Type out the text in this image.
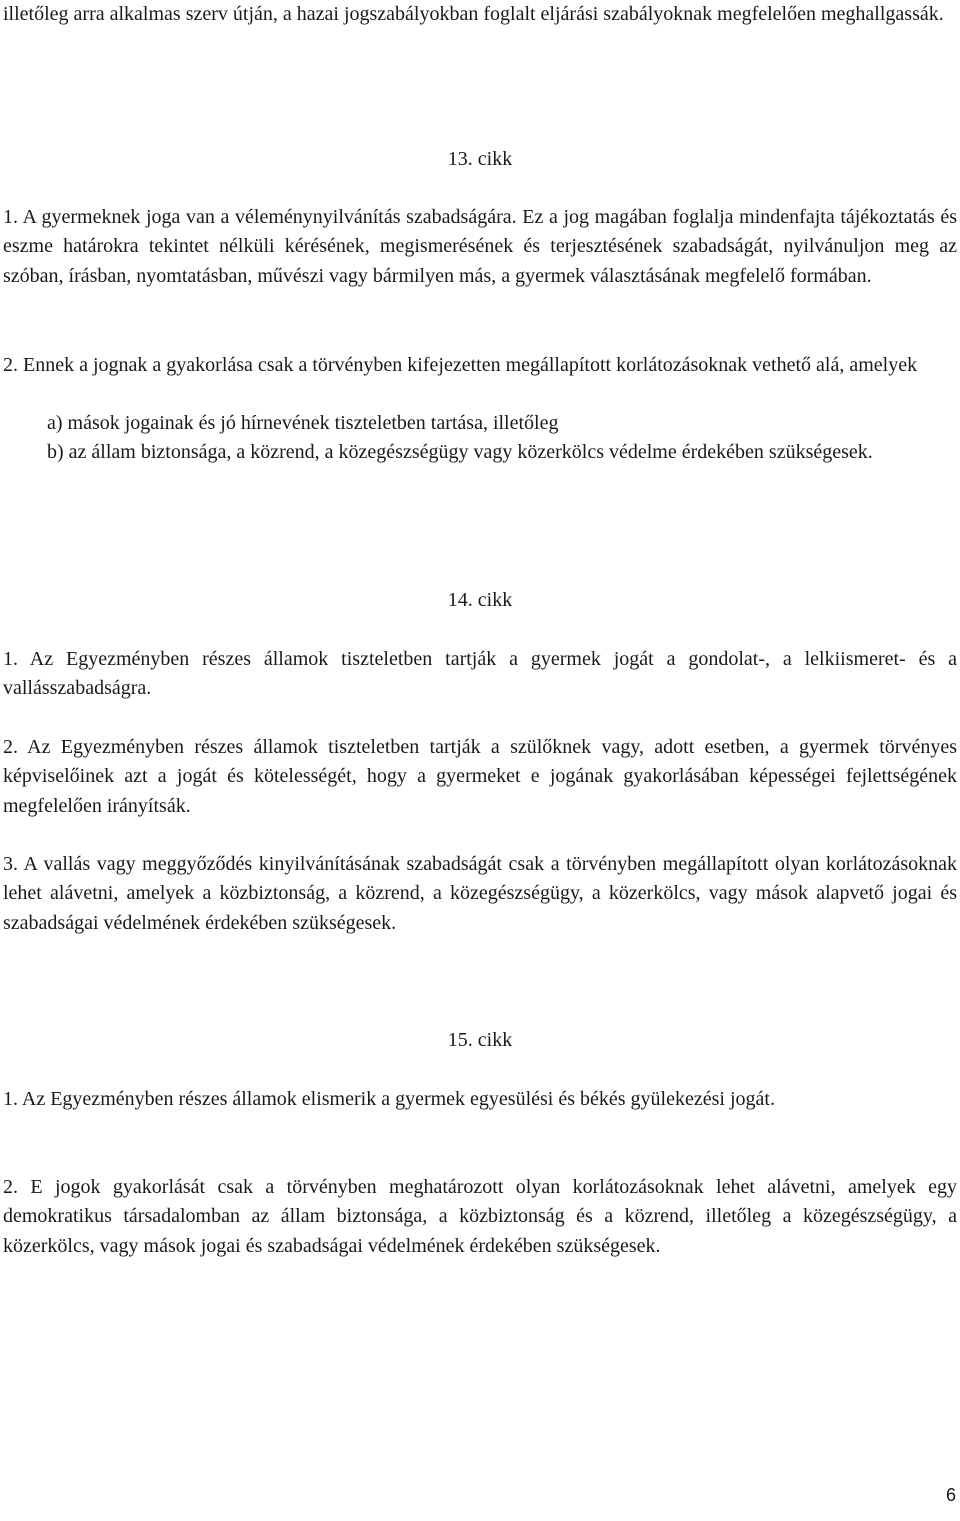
illetőleg arra alkalmas szerv útján, a hazai jogszabályokban foglalt eljárási szabályoknak megfelelően meghallgassák.

13. cikk

1. A gyermeknek joga van a véleménynyilvánítás szabadságára. Ez a jog magában foglalja mindenfajta tájékoztatás és eszme határokra tekintet nélküli kérésének, megismerésének és terjesztésének szabadságát, nyilvánuljon meg az szóban, írásban, nyomtatásban, művészi vagy bármilyen más, a gyermek választásának megfelelő formában.

2. Ennek a jognak a gyakorlása csak a törvényben kifejezetten megállapított korlátozásoknak vethető alá, amelyek

a) mások jogainak és jó hírnevének tiszteletben tartása, illetőleg

b) az állam biztonsága, a közrend, a közegészségügy vagy közerkölcs védelme érdekében szükségesek.

14. cikk

1. Az Egyezményben részes államok tiszteletben tartják a gyermek jogát a gondolat-, a lelkiismeret- és a vallásszabadságra.

2. Az Egyezményben részes államok tiszteletben tartják a szülőknek vagy, adott esetben, a gyermek törvényes képviselőinek azt a jogát és kötelességét, hogy a gyermeket e jogának gyakorlásában képességei fejlettségének megfelelően irányítsák.

3. A vallás vagy meggyőződés kinyilvánításának szabadságát csak a törvényben megállapított olyan korlátozásoknak lehet alávetni, amelyek a közbiztonság, a közrend, a közegészségügy, a közerkölcs, vagy mások alapvető jogai és szabadságai védelmének érdekében szükségesek.

15. cikk

1. Az Egyezményben részes államok elismerik a gyermek egyesülési és békés gyülekezési jogát.

2. E jogok gyakorlását csak a törvényben meghatározott olyan korlátozásoknak lehet alávetni, amelyek egy demokratikus társadalomban az állam biztonsága, a közbiztonság és a közrend, illetőleg a közegészségügy, a közerkölcs, vagy mások jogai és szabadságai védelmének érdekében szükségesek.

6
